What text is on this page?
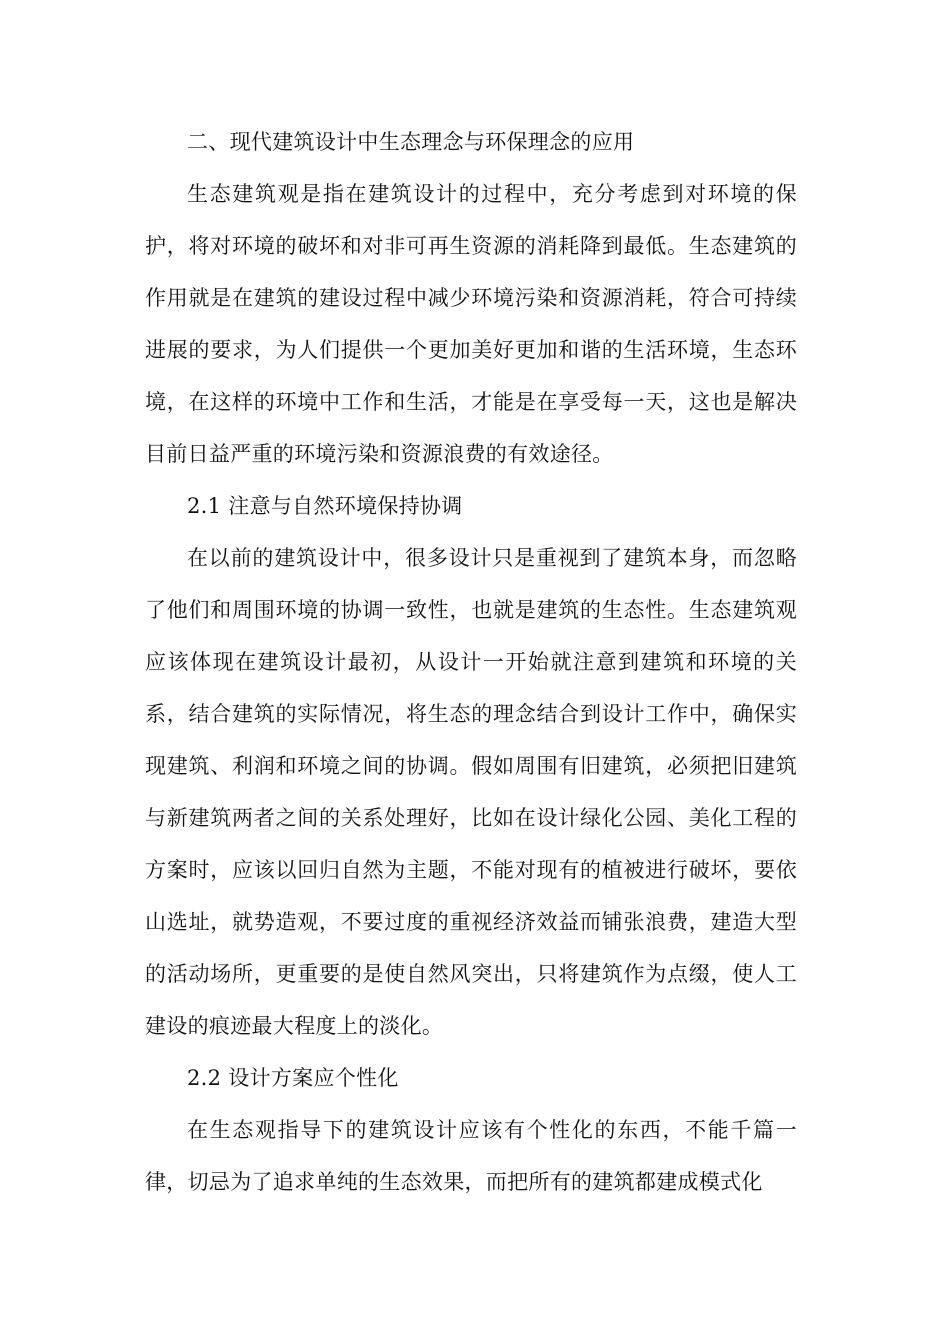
二、现代建筑设计中生态理念与环保理念的应用

生态建筑观是指在建筑设计的过程中，充分考虑到对环境的保护，将对环境的破坏和对非可再生资源的消耗降到最低。生态建筑的作用就是在建筑的建设过程中减少环境污染和资源消耗，符合可持续进展的要求，为人们提供一个更加美好更加和谐的生活环境，生态环境，在这样的环境中工作和生活，才能是在享受每一天，这也是解决目前日益严重的环境污染和资源浪费的有效途径。

2.1 注意与自然环境保持协调

在以前的建筑设计中，很多设计只是重视到了建筑本身，而忽略了他们和周围环境的协调一致性，也就是建筑的生态性。生态建筑观应该体现在建筑设计最初，从设计一开始就注意到建筑和环境的关系，结合建筑的实际情况，将生态的理念结合到设计工作中，确保实现建筑、利润和环境之间的协调。假如周围有旧建筑，必须把旧建筑与新建筑两者之间的关系处理好，比如在设计绿化公园、美化工程的方案时，应该以回归自然为主题，不能对现有的植被进行破坏，要依山选址，就势造观，不要过度的重视经济效益而铺张浪费，建造大型的活动场所，更重要的是使自然风突出，只将建筑作为点缀，使人工建设的痕迹最大程度上的淡化。

2.2 设计方案应个性化

在生态观指导下的建筑设计应该有个性化的东西，不能千篇一律，切忌为了追求单纯的生态效果，而把所有的建筑都建成模式化
